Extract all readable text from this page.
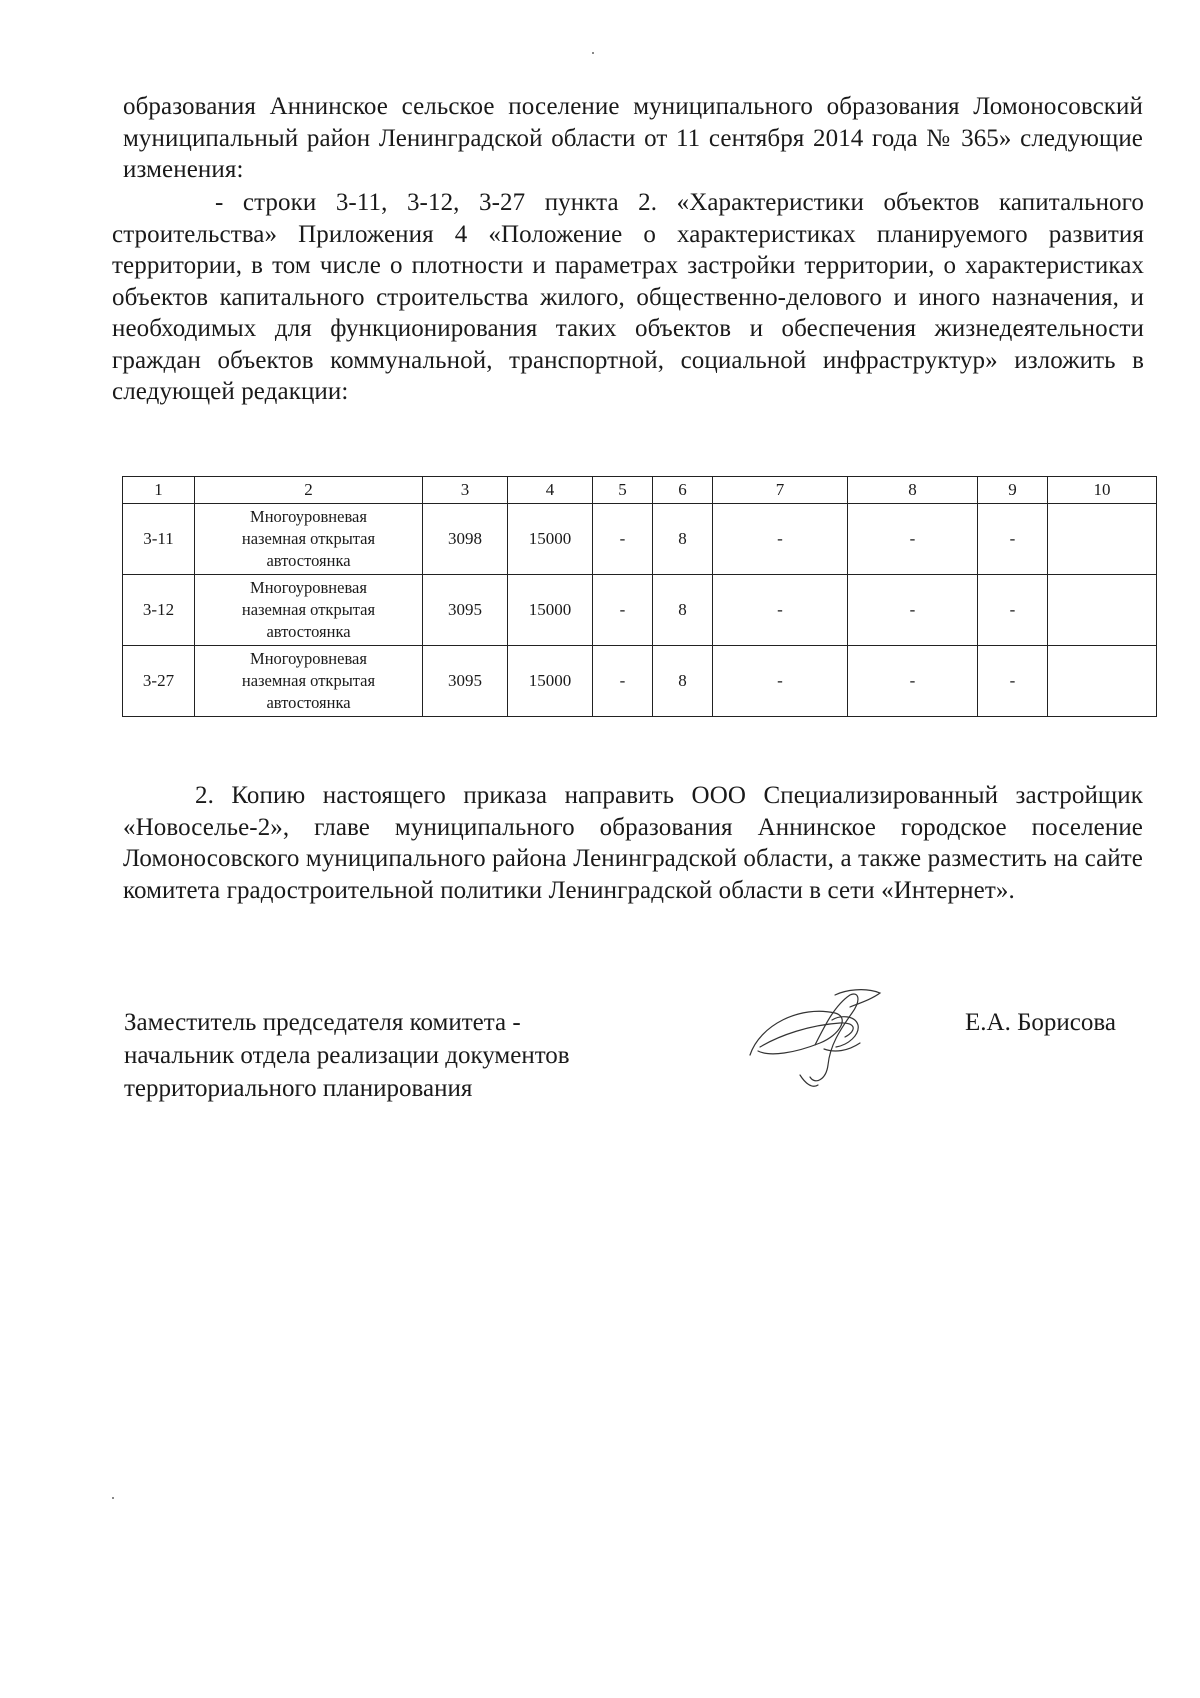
образования Аннинское сельское поселение муниципального образования Ломоносовский муниципальный район Ленинградской области от 11 сентября 2014 года № 365» следующие изменения:

- строки 3-11, 3-12, 3-27 пункта 2. «Характеристики объектов капитального строительства» Приложения 4 «Положение о характеристиках планируемого развития территории, в том числе о плотности и параметрах застройки территории, о характеристиках объектов капитального строительства жилого, общественно-делового и иного назначения, и необходимых для функционирования таких объектов и обеспечения жизнедеятельности граждан объектов коммунальной, транспортной, социальной инфраструктур» изложить в следующей редакции:

1	2	3	4	5	6	7	8	9	10
3-11	Многоуровневая
наземная открытая
автостоянка	3098	15000	-	8	-	-	-	
3-12	Многоуровневая
наземная открытая
автостоянка	3095	15000	-	8	-	-	-	
3-27	Многоуровневая
наземная открытая
автостоянка	3095	15000	-	8	-	-	-	

2. Копию настоящего приказа направить ООО Специализированный застройщик «Новоселье-2», главе муниципального образования Аннинское городское поселение Ломоносовского муниципального района Ленинградской области, а также разместить на сайте комитета градостроительной политики Ленинградской области в сети «Интернет».

Заместитель председателя комитета -
начальник отдела реализации документов
территориального планирования
Е.А. Борисова
